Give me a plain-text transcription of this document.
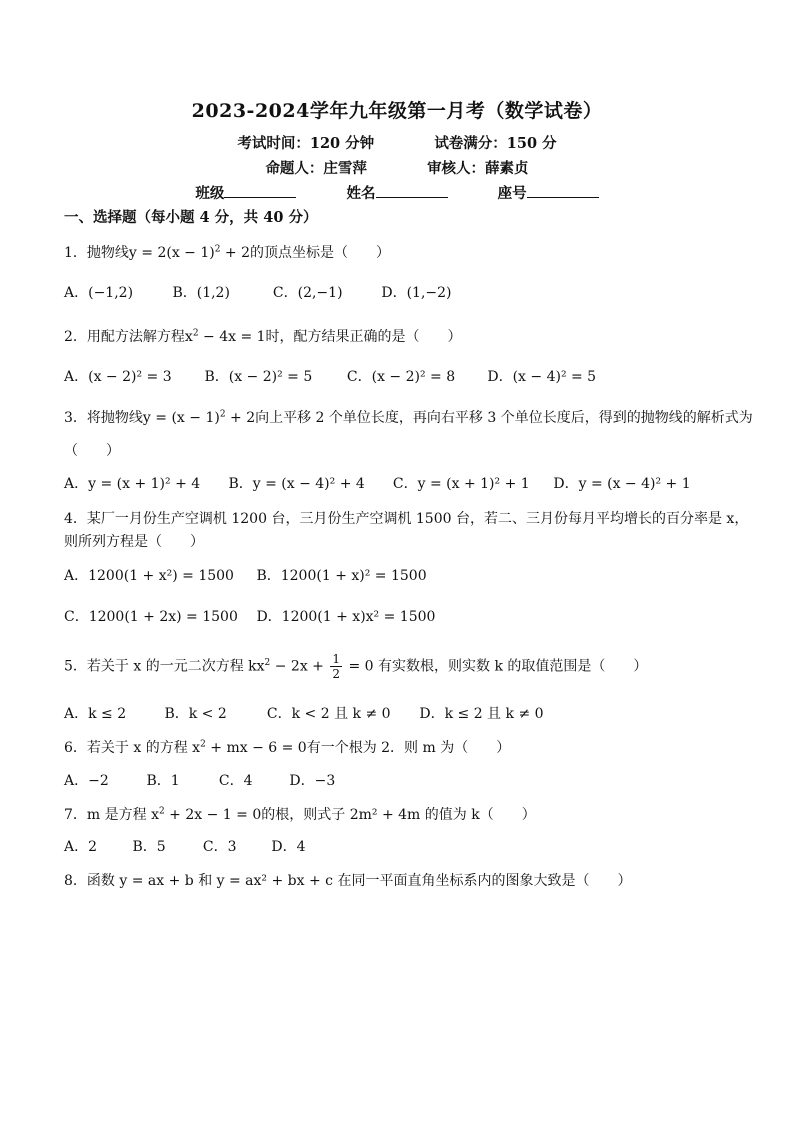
2023-2024学年九年级第一月考（数学试卷）
考试时间：120 分钟	试卷满分：150 分
命题人：庄雪萍	审核人：薛素贞
班级	姓名	座号
一、选择题（每小题 4 分，共 40 分）
1．抛物线$y = 2(x - 1)^2 + 2$的顶点坐标是（　　）
A．(−1,2)	B．(1,2)	C．(2,−1)	D．(1,−2)
2．用配方法解方程$x^2 - 4x = 1$时，配方结果正确的是（　　）
A．(x − 2)² = 3 B．(x − 2)² = 5 C．(x − 2)² = 8 D．(x − 4)² = 5
3．将抛物线$y = (x - 1)^2 + 2$向上平移 2 个单位长度，再向右平移 3 个单位长度后，得到的抛物线的解析式为
（　　）
A．y = (x + 1)² + 4 B．y = (x − 4)² + 4 C．y = (x + 1)² + 1 D．y = (x − 4)² + 1
4．某厂一月份生产空调机 1200 台，三月份生产空调机 1500 台，若二、三月份每月平均增长的百分率是 x，
则所列方程是（　　）
A．1200(1 + x²) = 1500 B．1200(1 + x)² = 1500
C．1200(1 + 2x) = 1500 D．1200(1 + x)x² = 1500
5．若关于 x 的一元二次方程 $kx^2 - 2x + \frac{1}{2} = 0$ 有实数根，则实数 k 的取值范围是（　　）
A．k ≤ 2	B．k < 2	C．k < 2 且 k ≠ 0 D．k ≤ 2 且 k ≠ 0
6．若关于 x 的方程 $x^2$ + mx − 6 = 0有一个根为 2．则 m 为（　　）
A．−2	B．1	C．4	D．−3
7．m 是方程 $x^2 + 2x - 1 = 0$的根，则式子 2m² + 4m 的值为 k（　　）
A．2	B．5	C．3 D．4
8．函数 y = ax + b 和 y = ax² + bx + c 在同一平面直角坐标系内的图象大致是（　　）
